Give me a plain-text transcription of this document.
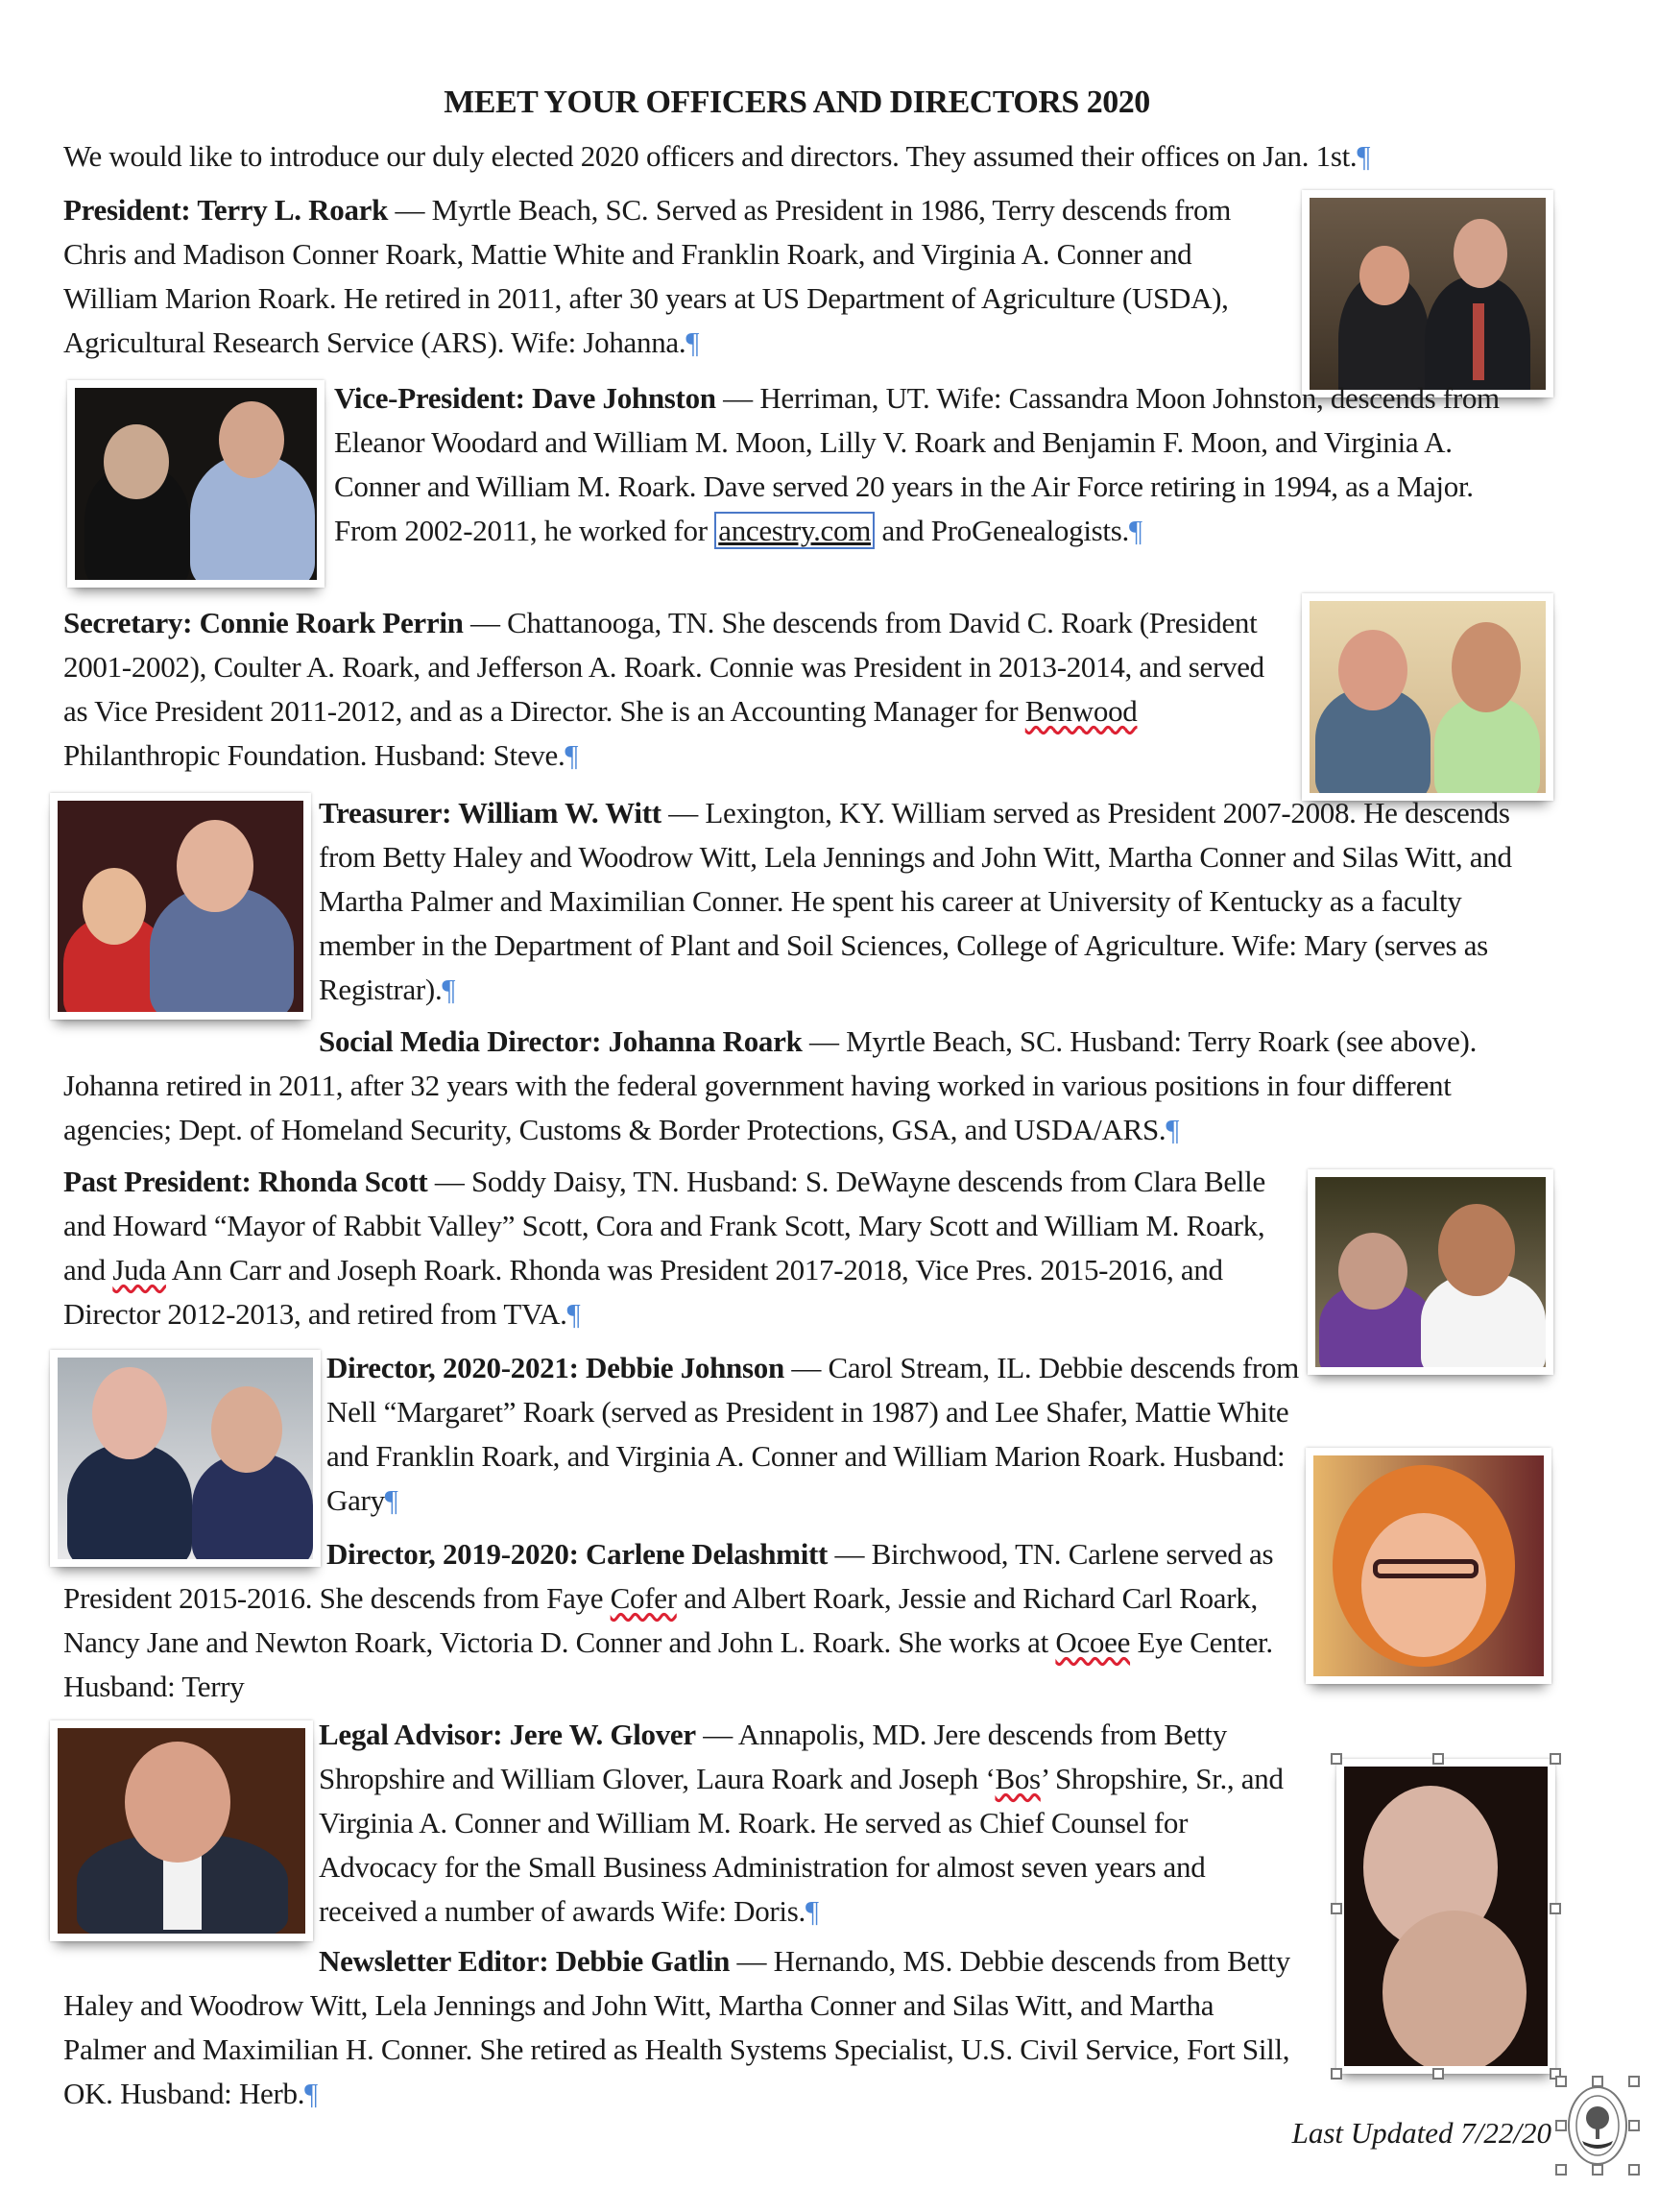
MEET YOUR OFFICERS AND DIRECTORS 2020

We would like to introduce our duly elected 2020 officers and directors. They assumed their offices on Jan. 1st.¶

President: Terry L. Roark — Myrtle Beach, SC. Served as President in 1986, Terry descends from Chris and Madison Conner Roark, Mattie White and Franklin Roark, and Virginia A. Conner and William Marion Roark. He retired in 2011, after 30 years at US Department of Agriculture (USDA), Agricultural Research Service (ARS). Wife: Johanna.¶

Vice-President: Dave Johnston — Herriman, UT. Wife: Cassandra Moon Johnston, descends from Eleanor Woodard and William M. Moon, Lilly V. Roark and Benjamin F. Moon, and Virginia A. Conner and William M. Roark. Dave served 20 years in the Air Force retiring in 1994, as a Major. From 2002-2011, he worked for ancestry.com and ProGenealogists.¶

Secretary: Connie Roark Perrin — Chattanooga, TN. She descends from David C. Roark (President 2001-2002), Coulter A. Roark, and Jefferson A. Roark. Connie was President in 2013-2014, and served as Vice President 2011-2012, and as a Director. She is an Accounting Manager for Benwood Philanthropic Foundation. Husband: Steve.¶

Treasurer: William W. Witt — Lexington, KY. William served as President 2007-2008. He descends from Betty Haley and Woodrow Witt, Lela Jennings and John Witt, Martha Conner and Silas Witt, and Martha Palmer and Maximilian Conner. He spent his career at University of Kentucky as a faculty member in the Department of Plant and Soil Sciences, College of Agriculture. Wife: Mary (serves as Registrar).¶

Social Media Director: Johanna Roark — Myrtle Beach, SC. Husband: Terry Roark (see above). Johanna retired in 2011, after 32 years with the federal government having worked in various positions in four different agencies; Dept. of Homeland Security, Customs & Border Protections, GSA, and USDA/ARS.¶

Past President: Rhonda Scott — Soddy Daisy, TN. Husband: S. DeWayne descends from Clara Belle and Howard “Mayor of Rabbit Valley” Scott, Cora and Frank Scott, Mary Scott and William M. Roark, and Juda Ann Carr and Joseph Roark. Rhonda was President 2017-2018, Vice Pres. 2015-2016, and Director 2012-2013, and retired from TVA.¶

Director, 2020-2021: Debbie Johnson — Carol Stream, IL. Debbie descends from Nell “Margaret” Roark (served as President in 1987) and Lee Shafer, Mattie White and Franklin Roark, and Virginia A. Conner and William Marion Roark. Husband: Gary¶

Director, 2019-2020: Carlene Delashmitt — Birchwood, TN. Carlene served as President 2015-2016. She descends from Faye Cofer and Albert Roark, Jessie and Richard Carl Roark, Nancy Jane and Newton Roark, Victoria D. Conner and John L. Roark. She works at Ocoee Eye Center. Husband: Terry

Legal Advisor: Jere W. Glover — Annapolis, MD. Jere descends from Betty Shropshire and William Glover, Laura Roark and Joseph ‘Bos’ Shropshire, Sr., and Virginia A. Conner and William M. Roark. He served as Chief Counsel for Advocacy for the Small Business Administration for almost seven years and received a number of awards Wife: Doris.¶

Newsletter Editor: Debbie Gatlin — Hernando, MS. Debbie descends from Betty Haley and Woodrow Witt, Lela Jennings and John Witt, Martha Conner and Silas Witt, and Martha Palmer and Maximilian H. Conner. She retired as Health Systems Specialist, U.S. Civil Service, Fort Sill, OK. Husband: Herb.¶

Last Updated 7/22/20
